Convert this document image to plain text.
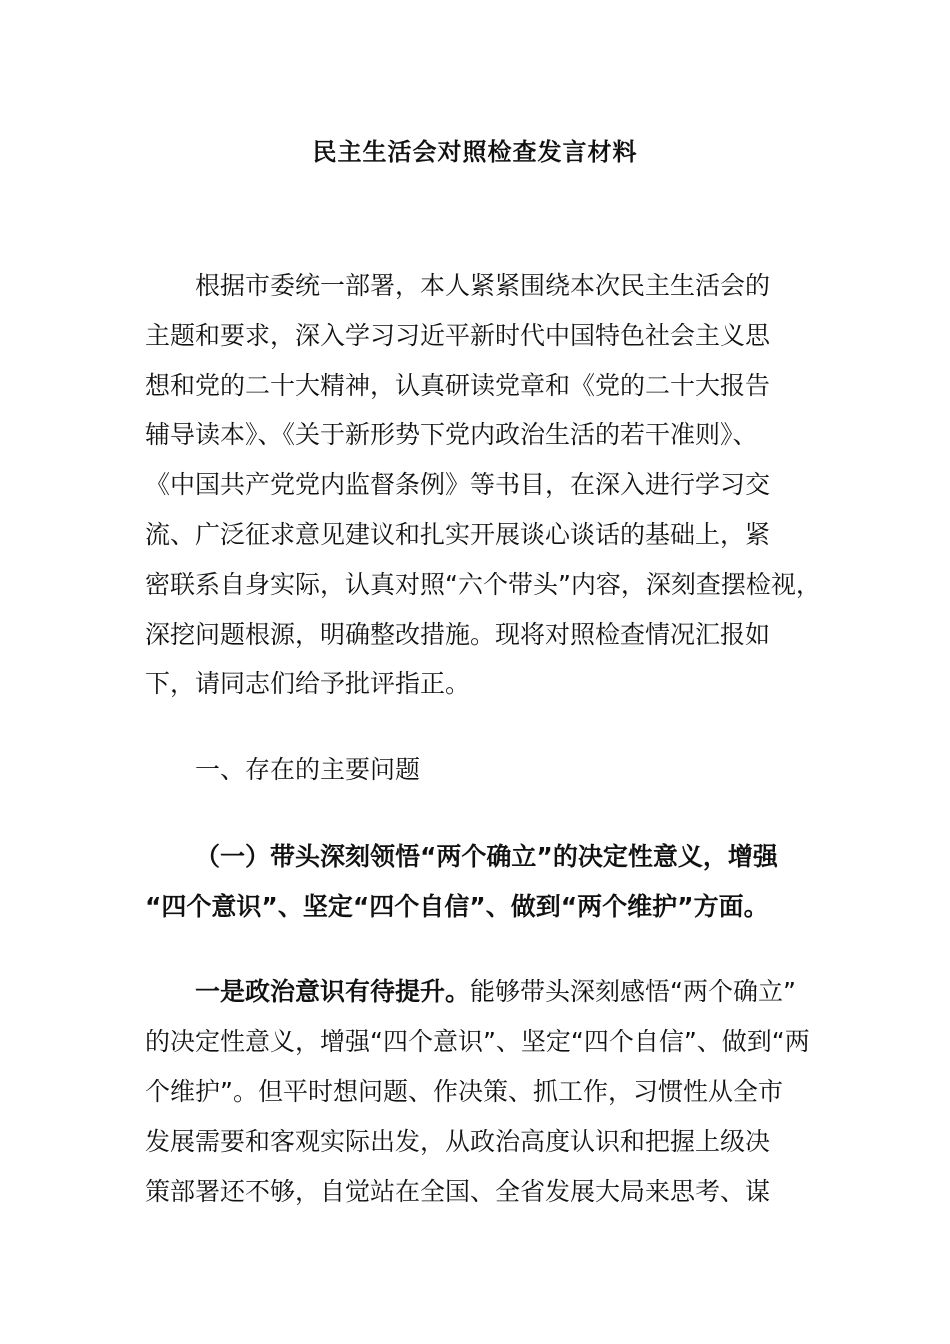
民主生活会对照检查发言材料

根据市委统一部署，本人紧紧围绕本次民主生活会的

主题和要求，深入学习习近平新时代中国特色社会主义思

想和党的二十大精神，认真研读党章和《党的二十大报告

辅导读本》、《关于新形势下党内政治生活的若干准则》、

《中国共产党党内监督条例》等书目，在深入进行学习交

流、广泛征求意见建议和扎实开展谈心谈话的基础上，紧

密联系自身实际，认真对照“六个带头”内容，深刻查摆检视，

深挖问题根源，明确整改措施。现将对照检查情况汇报如

下，请同志们给予批评指正。

一、存在的主要问题

（一）带头深刻领悟“两个确立”的决定性意义，增强

“四个意识”、坚定“四个自信”、做到“两个维护”方面。

一是政治意识有待提升。能够带头深刻感悟“两个确立”

的决定性意义，增强“四个意识”、坚定“四个自信”、做到“两

个维护”。但平时想问题、作决策、抓工作，习惯性从全市

发展需要和客观实际出发，从政治高度认识和把握上级决

策部署还不够，自觉站在全国、全省发展大局来思考、谋
